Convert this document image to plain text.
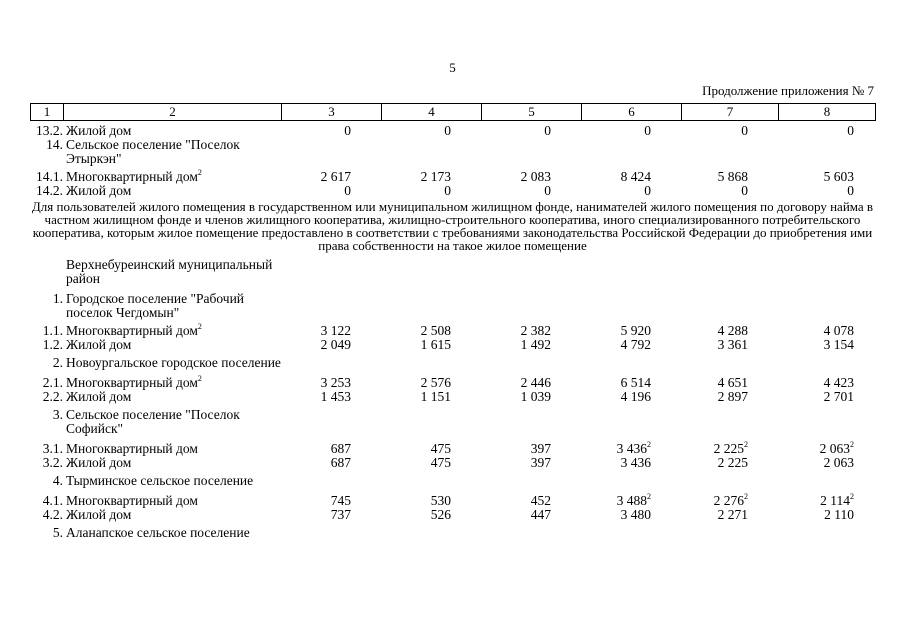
5
Продолжение приложения № 7
1	2	3	4	5	6	7	8
13.2. Жилой дом	0	0	0	0	0	0
14. Сельское поселение "Поселок Этыркэн"
14.1. Многоквартирный дом$^2$	2 617	2 173	2 083	8 424	5 868	5 603
14.2. Жилой дом	0	0	0	0	0	0
Для пользователей жилого помещения в государственном или муниципальном жилищном фонде, нанимателей жилого помещения по договору найма в частном жилищном фонде и членов жилищного кооператива, жилищно-строительного кооператива, иного специализированного потребительского кооператива, которым жилое помещение предоставлено в соответствии с требованиями законодательства Российской Федерации до приобретения ими права собственности на такое жилое помещение
Верхнебуреинский муниципальный район
1. Городское поселение "Рабочий поселок Чегдомын"
1.1. Многоквартирный дом$^2$	3 122	2 508	2 382	5 920	4 288	4 078
1.2. Жилой дом	2 049	1 615	1 492	4 792	3 361	3 154
2. Новоургальское городское поселение
2.1. Многоквартирный дом$^2$	3 253	2 576	2 446	6 514	4 651	4 423
2.2. Жилой дом	1 453	1 151	1 039	4 196	2 897	2 701
3. Сельское поселение "Поселок Софийск"
3.1. Многоквартирный дом	687	475	397	3 $436^2$	2 $225^2$	2 $063^2$
3.2. Жилой дом	687	475	397	3 436	2 225	2 063
4. Тырминское сельское поселение
4.1. Многоквартирный дом	745	530	452	3 $488^2$	2 $276^2$	2 $114^2$
4.2. Жилой дом	737	526	447	3 480	2 271	2 110
5. Аланапское сельское поселение
